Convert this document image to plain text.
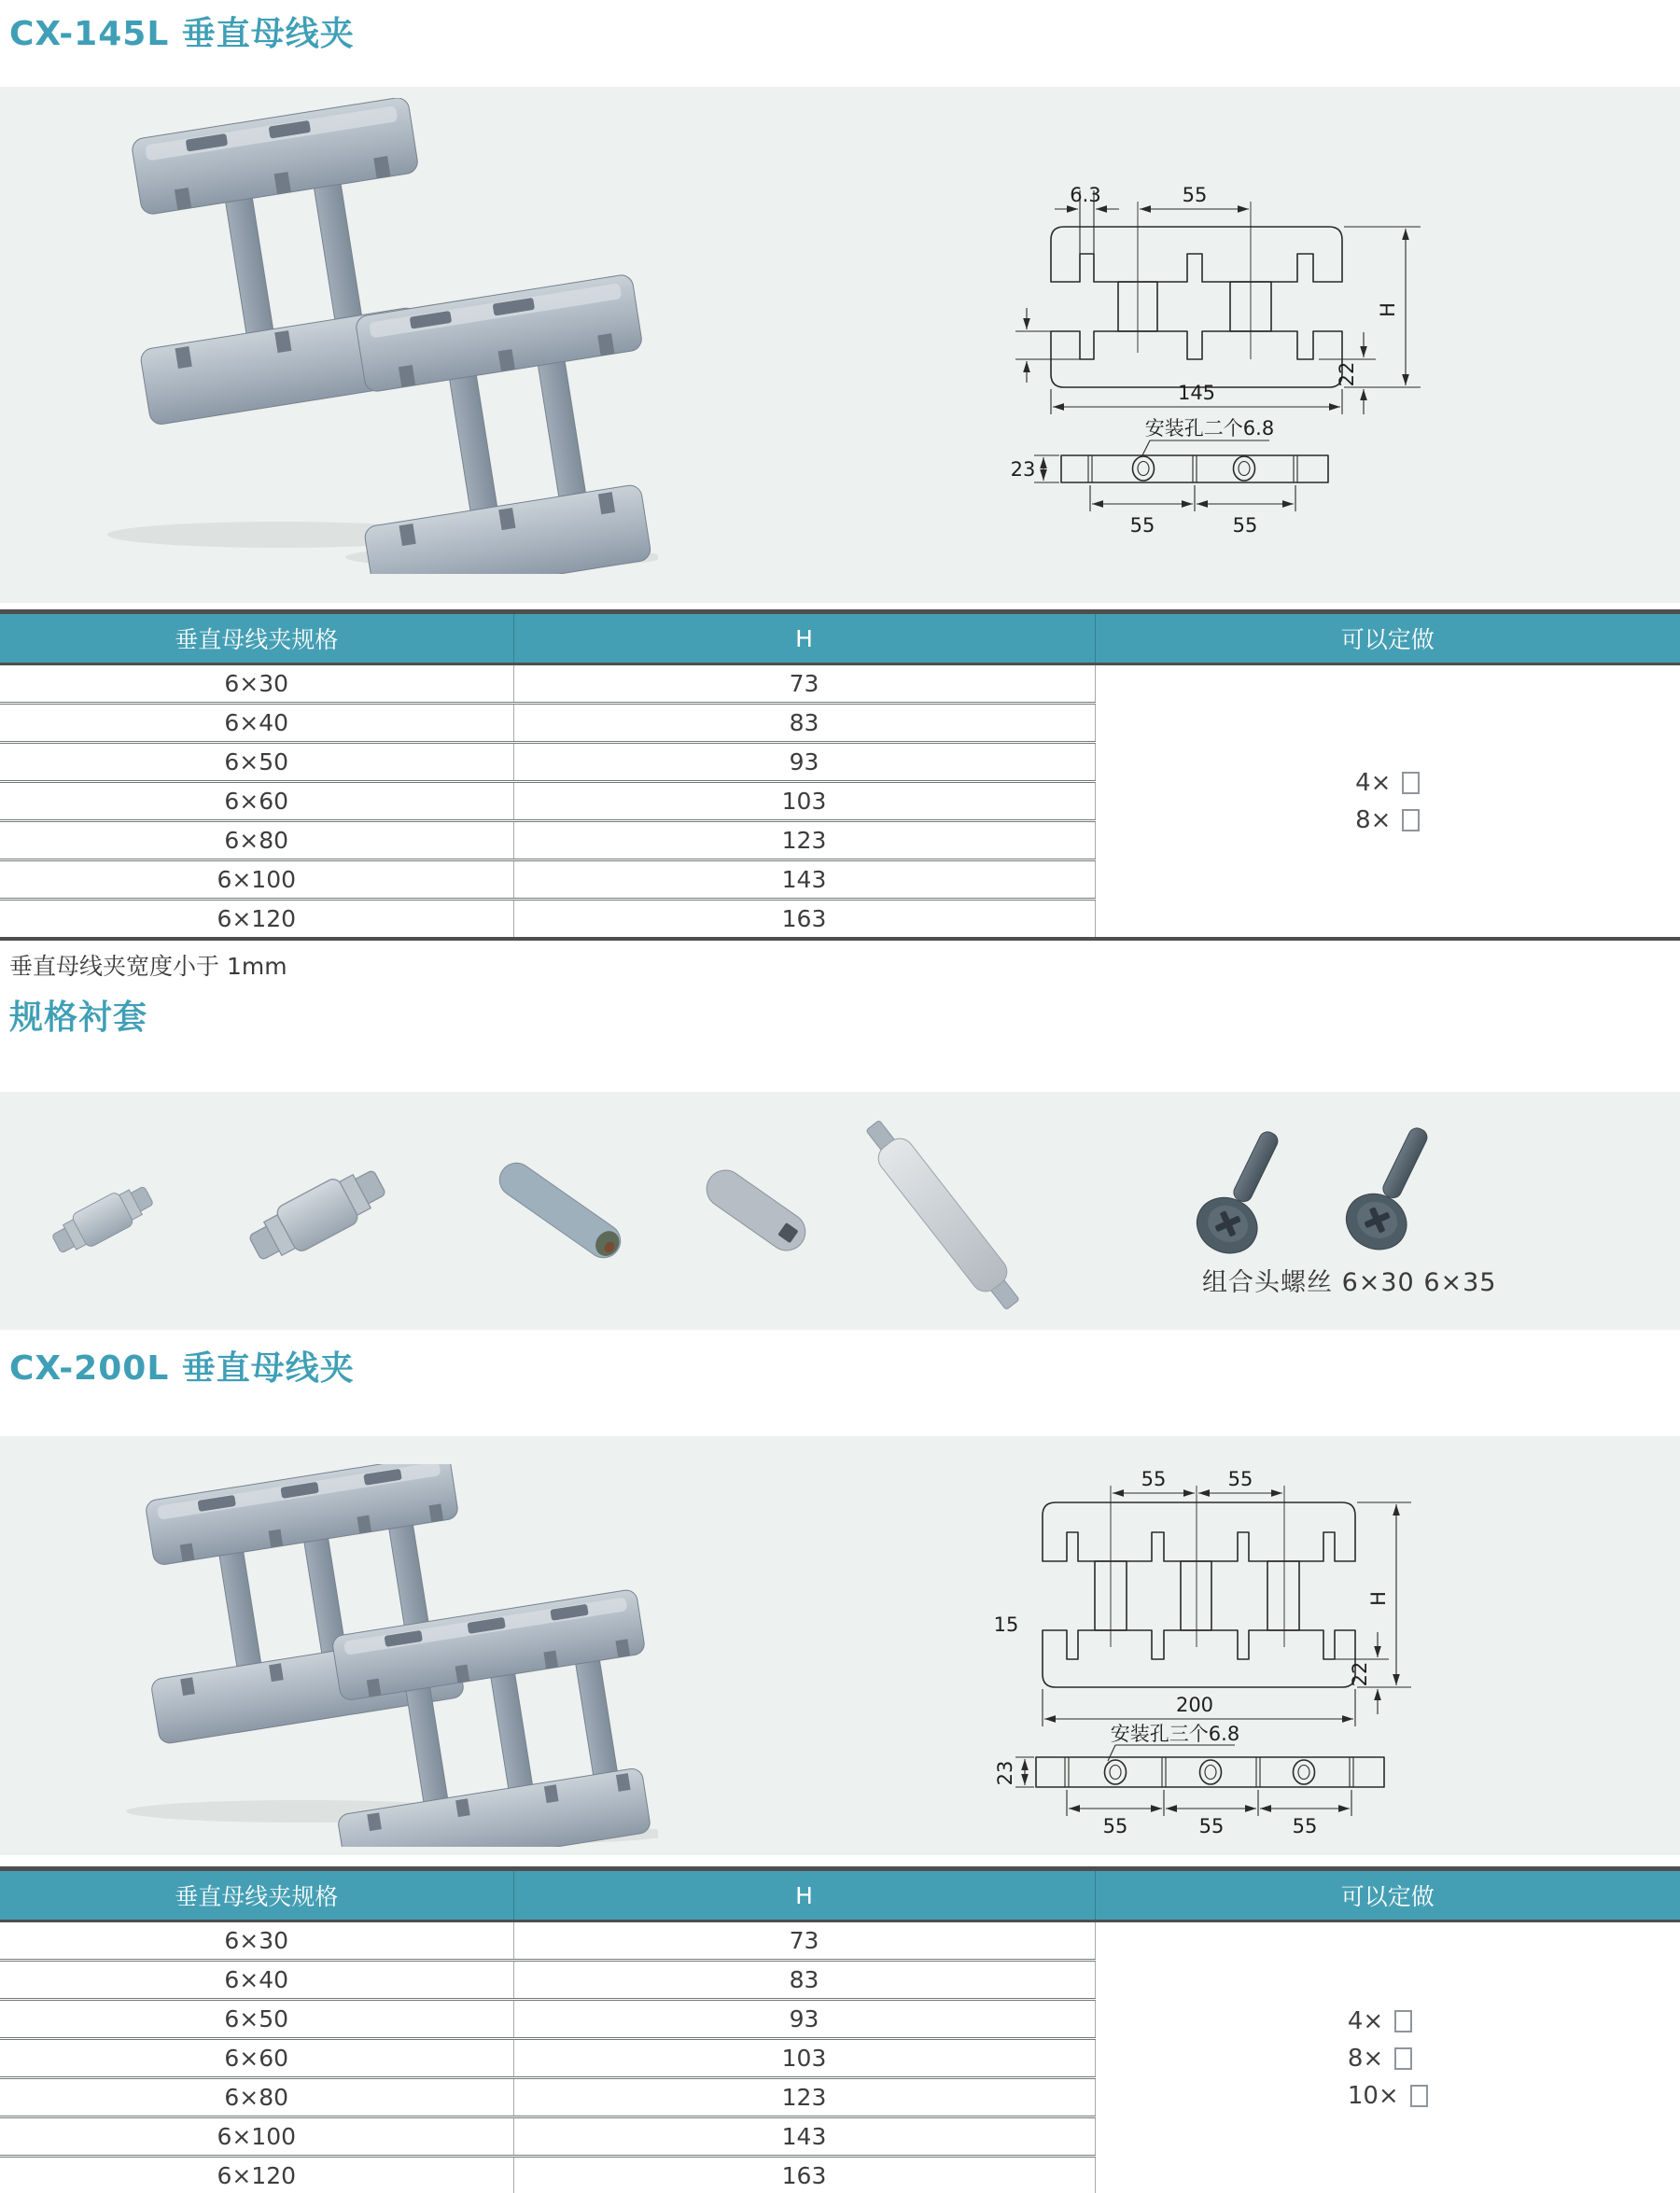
CX-145L 垂直母线夹
6.3	55
H
22
145
安装孔二个6.8
23
55	55
垂直母线夹规格	H	可以定做
6×30	73	4×
8×

6×40	83	
6×50	93	
6×60	103	
6×80	123	
6×100	143	
6×120	163	
垂直母线夹宽度小于 1mm
规格衬套
组合头螺丝 6×30 6×35
CX-200L 垂直母线夹
55	55
H
15
22
200
安装孔三个6.8
23
55	55	55
垂直母线夹规格	H	可以定做
6×30	73	4×
8×
10×

6×40	83	
6×50	93	
6×60	103	
6×80	123	
6×100	143	
6×120	163	
